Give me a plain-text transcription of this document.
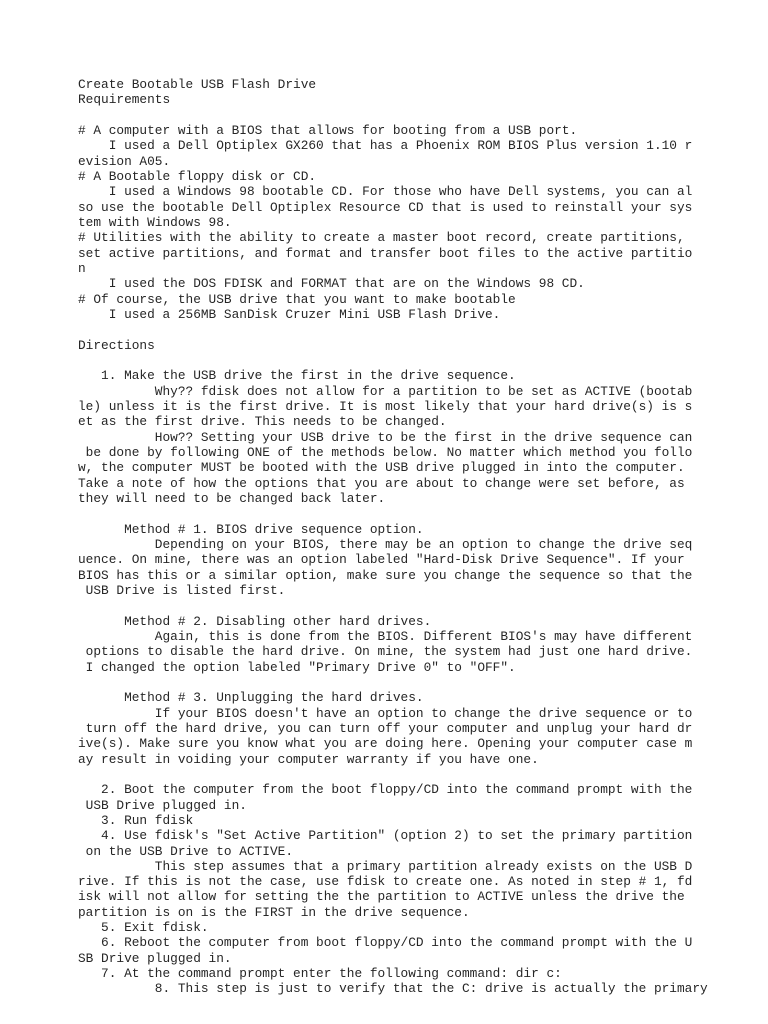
Create Bootable USB Flash Drive
Requirements
# A computer with a BIOS that allows for booting from a USB port.
I used a Dell Optiplex GX260 that has a Phoenix ROM BIOS Plus version 1.10 r
evision A05.
# A Bootable floppy disk or CD.
I used a Windows 98 bootable CD. For those who have Dell systems, you can al
so use the bootable Dell Optiplex Resource CD that is used to reinstall your sys
tem with Windows 98.
# Utilities with the ability to create a master boot record, create partitions,
set active partitions, and format and transfer boot files to the active partitio
n
I used the DOS FDISK and FORMAT that are on the Windows 98 CD.
# Of course, the USB drive that you want to make bootable
I used a 256MB SanDisk Cruzer Mini USB Flash Drive.
Directions
1. Make the USB drive the first in the drive sequence.
Why?? fdisk does not allow for a partition to be set as ACTIVE (bootab
le) unless it is the first drive. It is most likely that your hard drive(s) is s
et as the first drive. This needs to be changed.
How?? Setting your USB drive to be the first in the drive sequence can
be done by following ONE of the methods below. No matter which method you follo
w, the computer MUST be booted with the USB drive plugged in into the computer.
Take a note of how the options that you are about to change were set before, as
they will need to be changed back later.
Method # 1. BIOS drive sequence option.
Depending on your BIOS, there may be an option to change the drive seq
uence. On mine, there was an option labeled "Hard-Disk Drive Sequence". If your
BIOS has this or a similar option, make sure you change the sequence so that the
USB Drive is listed first.
Method # 2. Disabling other hard drives.
Again, this is done from the BIOS. Different BIOS's may have different
options to disable the hard drive. On mine, the system had just one hard drive.
I changed the option labeled "Primary Drive 0" to "OFF".
Method # 3. Unplugging the hard drives.
If your BIOS doesn't have an option to change the drive sequence or to
turn off the hard drive, you can turn off your computer and unplug your hard dr
ive(s). Make sure you know what you are doing here. Opening your computer case m
ay result in voiding your computer warranty if you have one.
2. Boot the computer from the boot floppy/CD into the command prompt with the
USB Drive plugged in.
3. Run fdisk
4. Use fdisk's "Set Active Partition" (option 2) to set the primary partition
on the USB Drive to ACTIVE.
This step assumes that a primary partition already exists on the USB D
rive. If this is not the case, use fdisk to create one. As noted in step # 1, fd
isk will not allow for setting the the partition to ACTIVE unless the drive the
partition is on is the FIRST in the drive sequence.
5. Exit fdisk.
6. Reboot the computer from boot floppy/CD into the command prompt with the U
SB Drive plugged in.
7. At the command prompt enter the following command: dir c:
8. This step is just to verify that the C: drive is actually the primary
